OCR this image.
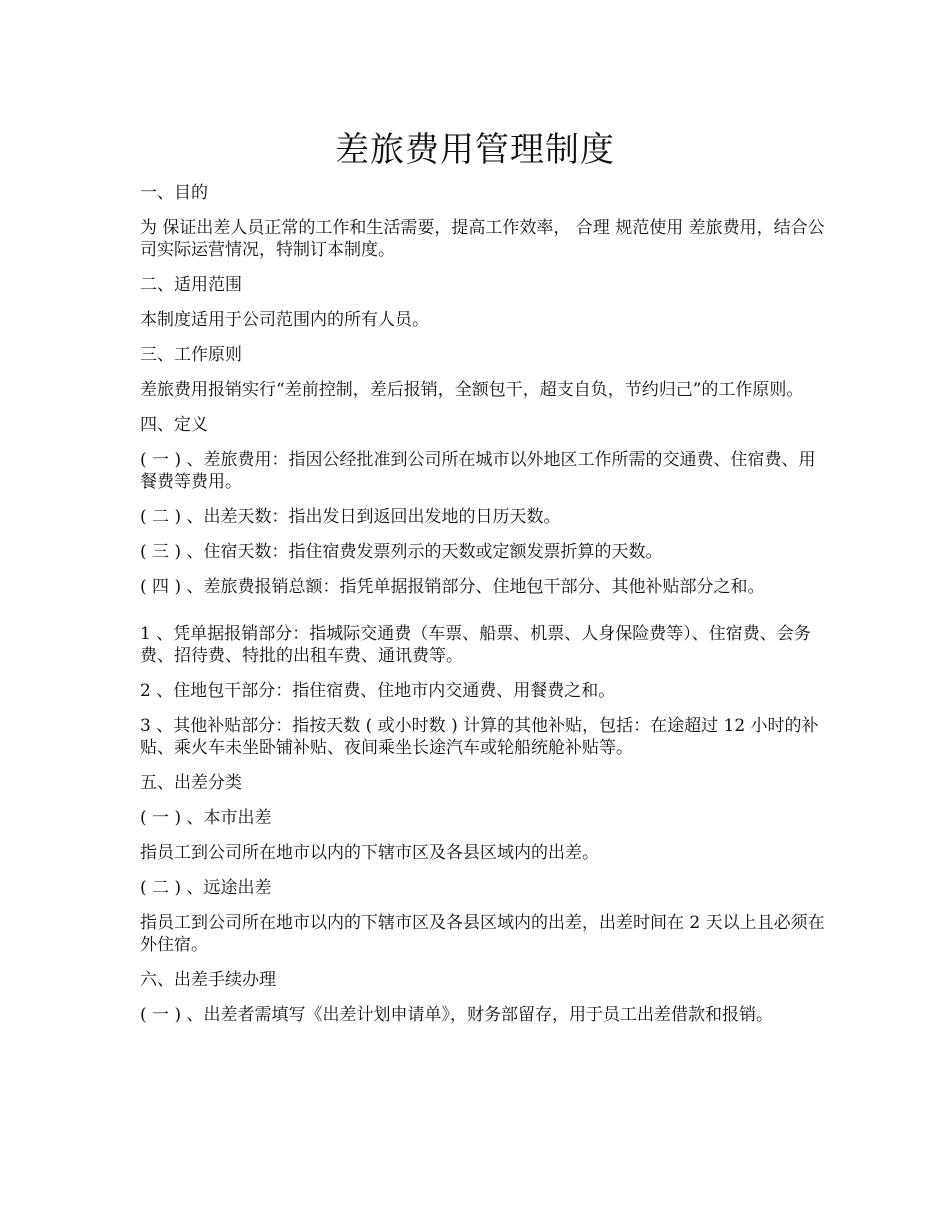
差旅费用管理制度

一、目的

为 保证出差人员正常的工作和生活需要，提高工作效率， 合理 规范使用 差旅费用，结合公司实际运营情况，特制订本制度。

二、适用范围

本制度适用于公司范围内的所有人员。

三、工作原则

差旅费用报销实行“差前控制，差后报销，全额包干，超支自负，节约归己”的工作原则。

四、定义

( 一 ) 、差旅费用：指因公经批准到公司所在城市以外地区工作所需的交通费、住宿费、用餐费等费用。

( 二 ) 、出差天数：指出发日到返回出发地的日历天数。

( 三 ) 、住宿天数：指住宿费发票列示的天数或定额发票折算的天数。

( 四 ) 、差旅费报销总额：指凭单据报销部分、住地包干部分、其他补贴部分之和。

1 、凭单据报销部分：指城际交通费（车票、船票、机票、人身保险费等）、住宿费、会务费、招待费、特批的出租车费、通讯费等。

2 、住地包干部分：指住宿费、住地市内交通费、用餐费之和。

3 、其他补贴部分：指按天数 ( 或小时数 ) 计算的其他补贴，包括：在途超过 12 小时的补贴、乘火车未坐卧铺补贴、夜间乘坐长途汽车或轮船统舱补贴等。

五、出差分类

( 一 ) 、本市出差

指员工到公司所在地市以内的下辖市区及各县区域内的出差。

( 二 ) 、远途出差

指员工到公司所在地市以内的下辖市区及各县区域内的出差，出差时间在 2 天以上且必须在外住宿。

六、出差手续办理

( 一 ) 、出差者需填写《出差计划申请单》，财务部留存，用于员工出差借款和报销。
